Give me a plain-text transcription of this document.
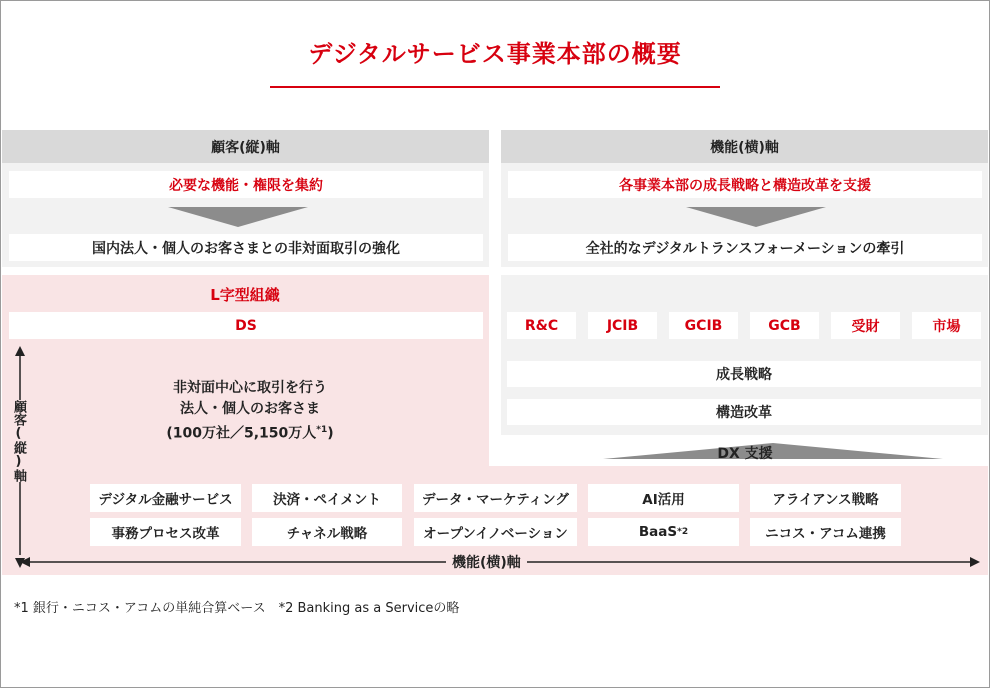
デジタルサービス事業本部の概要
顧客(縦)軸	機能(横)軸
必要な機能・権限を集約
国内法人・個人のお客さまとの非対面取引の強化
各事業本部の成長戦略と構造改革を支援
全社的なデジタルトランスフォーメーションの牽引
L字型組織
DS
非対面中心に取引を行う
法人・個人のお客さま
(100万社／5,150万人$^{*1}$)
R&C	JCIB	GCIB	GCB	受財	市場
成長戦略
構造改革
DX 支援
デジタル金融サービス	決済・ペイメント	データ・マーケティング	AI活用	アライアンス戦略
事務プロセス改革	チャネル戦略	オープンイノベーション	BaaS *2	ニコス・アコム連携
顧客(縦)軸
機能(横)軸
*1 銀行・ニコス・アコムの単純合算ベース　*2 Banking as a Serviceの略
